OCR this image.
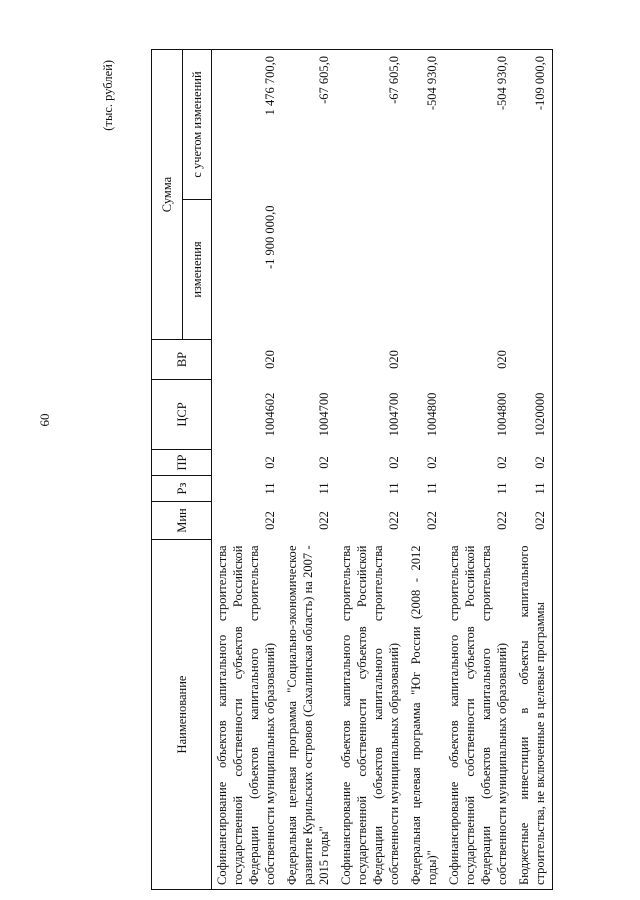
60
(тыс. рублей)
Наименование	Мин	Рз	ПР	ЦСР	ВР	Сумма	
						изменения	с учетом изменений
Софинансирование объектов капитального строительства государственной собственности субъектов Российской Федерации (объектов капитального строительства собственности муниципальных образований)	022	11	02	1004602	020	-1 900 000,0	1 476 700,0
Федеральная целевая программа "Социально-экономическое развитие Курильских островов (Сахалинская область) на 2007 - 2015 годы"	022	11	02	1004700			-67 605,0
Софинансирование объектов капитального строительства государственной собственности субъектов Российской Федерации (объектов капитального строительства собственности муниципальных образований)	022	11	02	1004700	020		-67 605,0
Федеральная целевая программа "Юг России (2008 - 2012 годы)"	022	11	02	1004800			-504 930,0
Софинансирование объектов капитального строительства государственной собственности субъектов Российской Федерации (объектов капитального строительства собственности муниципальных образований)	022	11	02	1004800	020		-504 930,0
Бюджетные инвестиции в объекты капитального строительства, не включенные в целевые программы	022	11	02	1020000			-109 000,0
